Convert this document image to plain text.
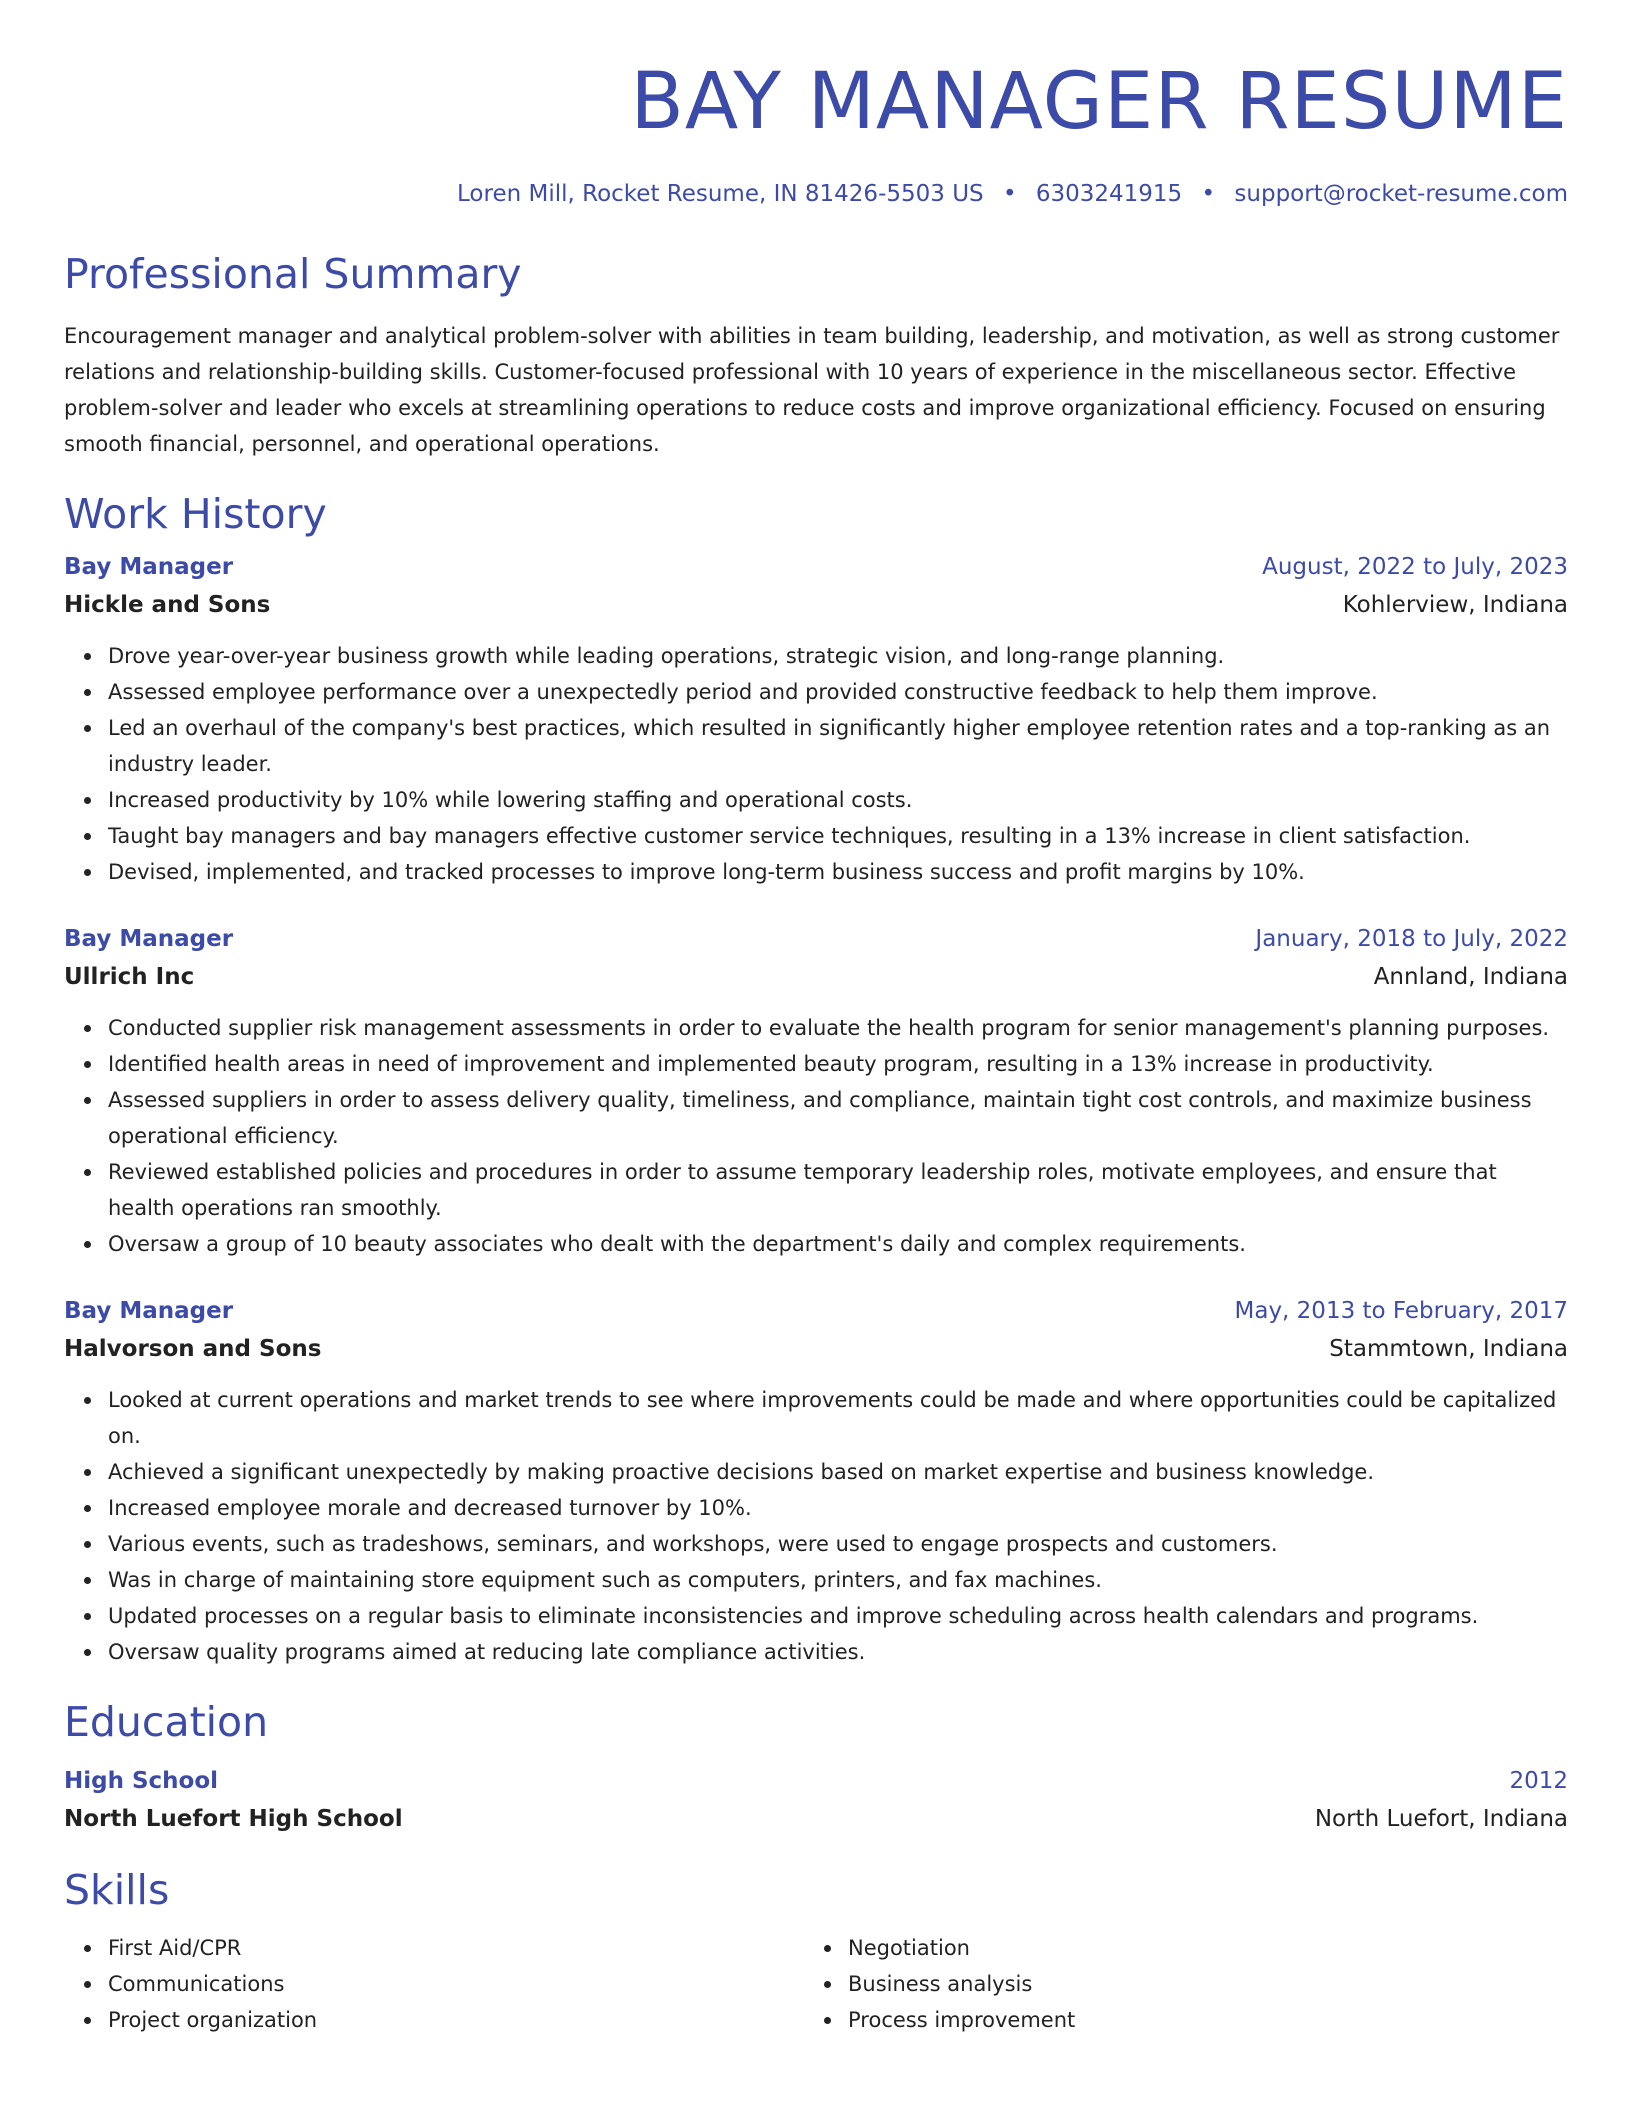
BAY MANAGER RESUME
Loren Mill, Rocket Resume, IN 81426-5503 US • 6303241915 • support@rocket-resume.com
Professional Summary

Encouragement manager and analytical problem-solver with abilities in team building, leadership, and motivation, as well as strong customer relations and relationship-building skills. Customer-focused professional with 10 years of experience in the miscellaneous sector. Effective problem-solver and leader who excels at streamlining operations to reduce costs and improve organizational efficiency. Focused on ensuring smooth financial, personnel, and operational operations.

Work History
Bay Manager	August, 2022 to July, 2023
Hickle and Sons	Kohlerview, Indiana
Drove year-over-year business growth while leading operations, strategic vision, and long-range planning.
Assessed employee performance over a unexpectedly period and provided constructive feedback to help them improve.
Led an overhaul of the company's best practices, which resulted in significantly higher employee retention rates and a top-ranking as an industry leader.
Increased productivity by 10% while lowering staffing and operational costs.
Taught bay managers and bay managers effective customer service techniques, resulting in a 13% increase in client satisfaction.
Devised, implemented, and tracked processes to improve long-term business success and profit margins by 10%.
Bay Manager	January, 2018 to July, 2022
Ullrich Inc	Annland, Indiana
Conducted supplier risk management assessments in order to evaluate the health program for senior management's planning purposes.
Identified health areas in need of improvement and implemented beauty program, resulting in a 13% increase in productivity.
Assessed suppliers in order to assess delivery quality, timeliness, and compliance, maintain tight cost controls, and maximize business operational efficiency.
Reviewed established policies and procedures in order to assume temporary leadership roles, motivate employees, and ensure that health operations ran smoothly.
Oversaw a group of 10 beauty associates who dealt with the department's daily and complex requirements.
Bay Manager	May, 2013 to February, 2017
Halvorson and Sons	Stammtown, Indiana
Looked at current operations and market trends to see where improvements could be made and where opportunities could be capitalized on.
Achieved a significant unexpectedly by making proactive decisions based on market expertise and business knowledge.
Increased employee morale and decreased turnover by 10%.
Various events, such as tradeshows, seminars, and workshops, were used to engage prospects and customers.
Was in charge of maintaining store equipment such as computers, printers, and fax machines.
Updated processes on a regular basis to eliminate inconsistencies and improve scheduling across health calendars and programs.
Oversaw quality programs aimed at reducing late compliance activities.
Education
High School	2012
North Luefort High School	North Luefort, Indiana
Skills
First Aid/CPR
Communications
Project organization
Negotiation
Business analysis
Process improvement
